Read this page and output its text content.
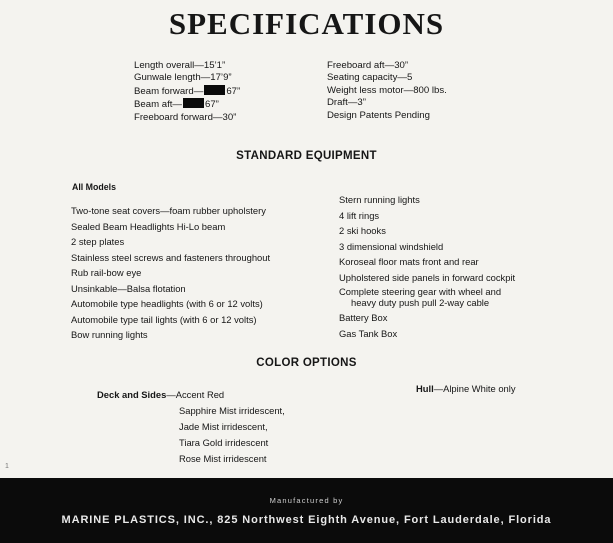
SPECIFICATIONS
Length overall—15’1”
Gunwale length—17’9”
Beam forward— 67”
Beam aft— 67”
Freeboard forward—30”
Freeboard aft—30”
Seating capacity—5
Weight less motor—800 lbs.
Draft—3”
Design Patents Pending
STANDARD EQUIPMENT
All Models
Two-tone seat covers—foam rubber upholstery
Sealed Beam Headlights Hi-Lo beam
2 step plates
Stainless steel screws and fasteners throughout
Rub rail-bow eye
Unsinkable—Balsa flotation
Automobile type headlights (with 6 or 12 volts)
Automobile type tail lights (with 6 or 12 volts)
Bow running lights
Stern running lights
4 lift rings
2 ski hooks
3 dimensional windshield
Koroseal floor mats front and rear
Upholstered side panels in forward cockpit
Complete steering gear with wheel and
heavy duty push pull 2-way cable
Battery Box
Gas Tank Box
COLOR OPTIONS
Deck and Sides—Accent Red
Sapphire Mist irridescent,
Jade Mist irridescent,
Tiara Gold irridescent
Rose Mist irridescent
Hull—Alpine White only
1
Manufactured by
MARINE PLASTICS, INC., 825 Northwest Eighth Avenue, Fort Lauderdale, Florida
